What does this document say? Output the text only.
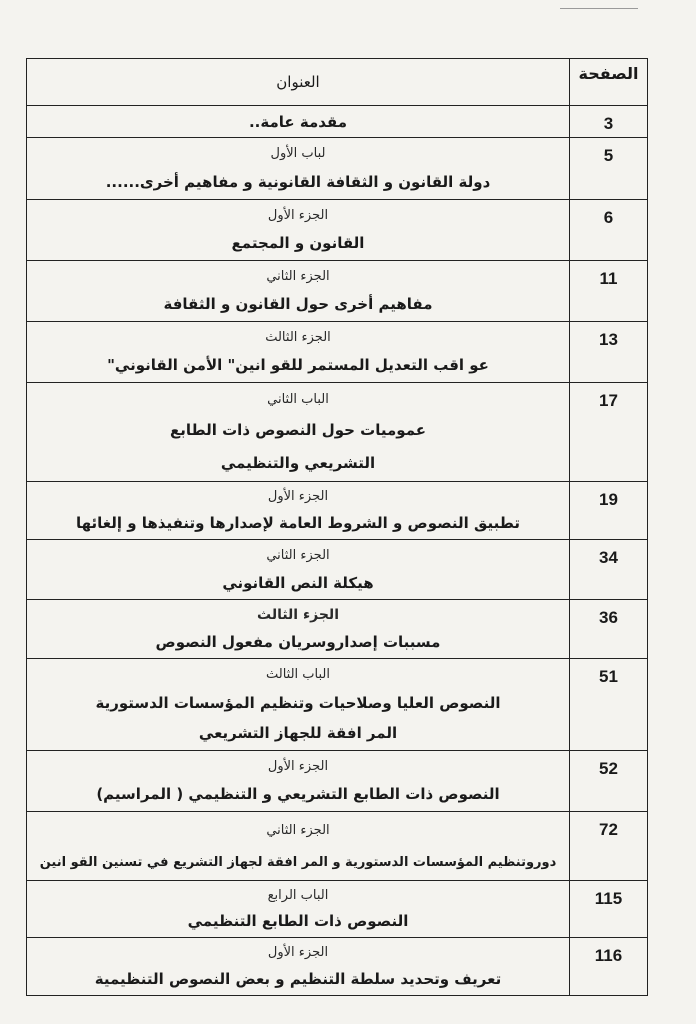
الصفحة
العنوان
3
مقدمة عامة..
5
لباب الأول
دولة القانون و الثقافة القانونية و مفاهيم أخرى......
6
الجزء الأول
القانون و المجتمع
11
الجزء الثاني
مفاهيم أخرى حول القانون و الثقافة
13
الجزء الثالث
عو اقب التعديل المستمر للقو انين" الأمن القانوني"
17
الباب الثاني
عموميات حول النصوص ذات الطابع
التشريعي والتنظيمي
19
الجزء الأول
تطبيق النصوص و الشروط العامة لإصدارها وتنفيذها و إلغائها
34
الجزء الثاني
هيكلة النص القانوني
36
الجزء الثالث
مسببات إصداروسريان مفعول النصوص
51
الباب الثالث
النصوص العليا وصلاحيات وتنظيم المؤسسات الدستورية
المر افقة للجهاز التشريعي
52
الجزء الأول
النصوص ذات الطابع التشريعي و التنظيمي ( المراسيم)
72
الجزء الثاني
دوروتنظيم المؤسسات الدستورية و المر افقة لجهاز التشريع في تسنين القو انين
115
الباب الرابع
النصوص ذات الطابع التنظيمي
116
الجزء الأول
تعريف وتحديد سلطة التنظيم و بعض النصوص التنظيمية
